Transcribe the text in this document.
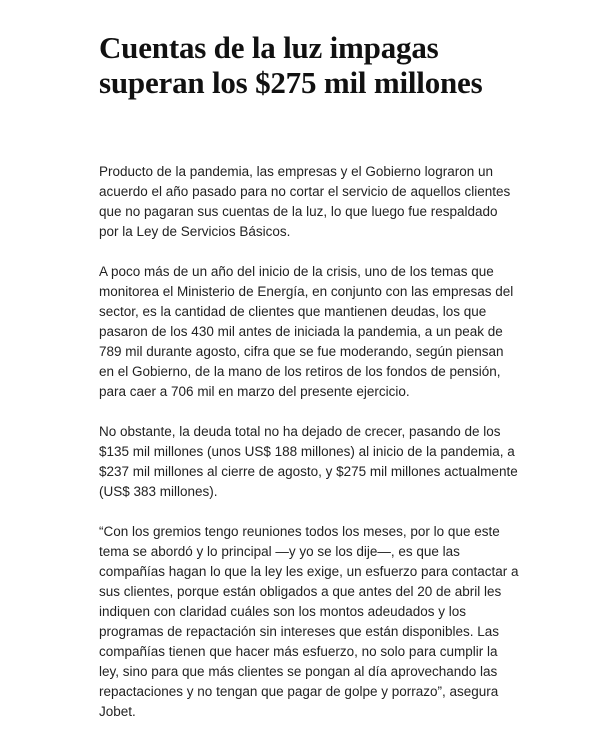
Cuentas de la luz impagas
superan los $275 mil millones

Producto de la pandemia, las empresas y el Gobierno lograron un acuerdo el año pasado para no cortar el servicio de aquellos clientes que no pagaran sus cuentas de la luz, lo que luego fue respaldado por la Ley de Servicios Básicos.

A poco más de un año del inicio de la crisis, uno de los temas que monitorea el Ministerio de Energía, en conjunto con las empresas del sector, es la cantidad de clientes que mantienen deudas, los que pasaron de los 430 mil antes de iniciada la pandemia, a un peak de 789 mil durante agosto, cifra que se fue moderando, según piensan en el Gobierno, de la mano de los retiros de los fondos de pensión, para caer a 706 mil en marzo del presente ejercicio.

No obstante, la deuda total no ha dejado de crecer, pasando de los $135 mil millones (unos US$ 188 millones) al inicio de la pandemia, a $237 mil millones al cierre de agosto, y $275 mil millones actualmente (US$ 383 millones).

“Con los gremios tengo reuniones todos los meses, por lo que este tema se abordó y lo principal —y yo se los dije—, es que las compañías hagan lo que la ley les exige, un esfuerzo para contactar a sus clientes, porque están obligados a que antes del 20 de abril les indiquen con claridad cuáles son los montos adeudados y los programas de repactación sin intereses que están disponibles. Las compañías tienen que hacer más esfuerzo, no solo para cumplir la ley, sino para que más clientes se pongan al día aprovechando las repactaciones y no tengan que pagar de golpe y porrazo”, asegura Jobet.
